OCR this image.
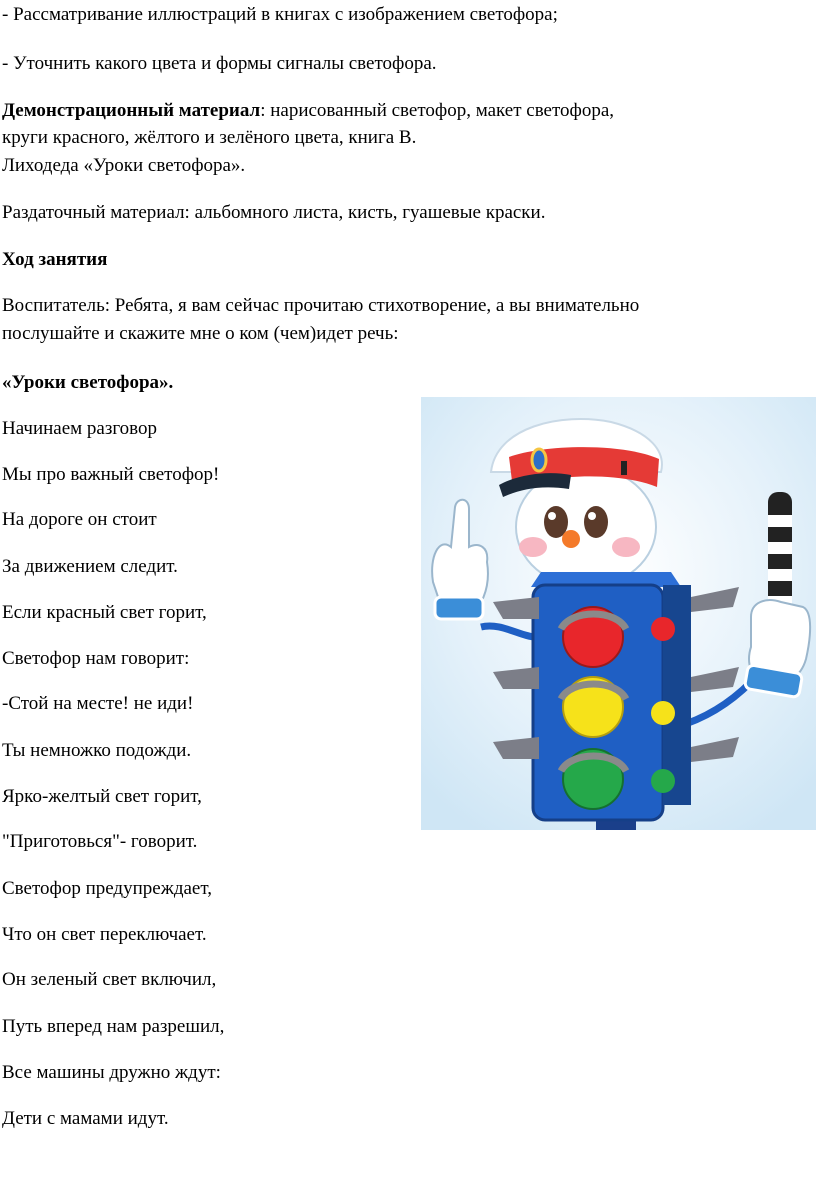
- Рассматривание иллюстраций в книгах с изображением светофора;
- Уточнить какого цвета и формы сигналы светофора.
Демонстрационный материал: нарисованный светофор, макет светофора,
круги красного, жёлтого и зелёного цвета, книга В.
Лиходеда «Уроки светофора».
Раздаточный материал: альбомного листа, кисть, гуашевые краски.
Ход занятия
Воспитатель: Ребята, я вам сейчас прочитаю стихотворение, а вы внимательно
послушайте и скажите мне о ком (чем)идет речь:
«Уроки светофора».
Начинаем разговор
Мы про важный светофор!
На дороге он стоит
За движением следит.
Если красный свет горит,
Светофор нам говорит:
-Стой на месте! не иди!
Ты немножко подожди.
Ярко-желтый свет горит,
"Приготовься"- говорит.
Светофор предупреждает,
Что он свет переключает.
Он зеленый свет включил,
Путь вперед нам разрешил,
Все машины дружно ждут:
Дети с мамами идут.
